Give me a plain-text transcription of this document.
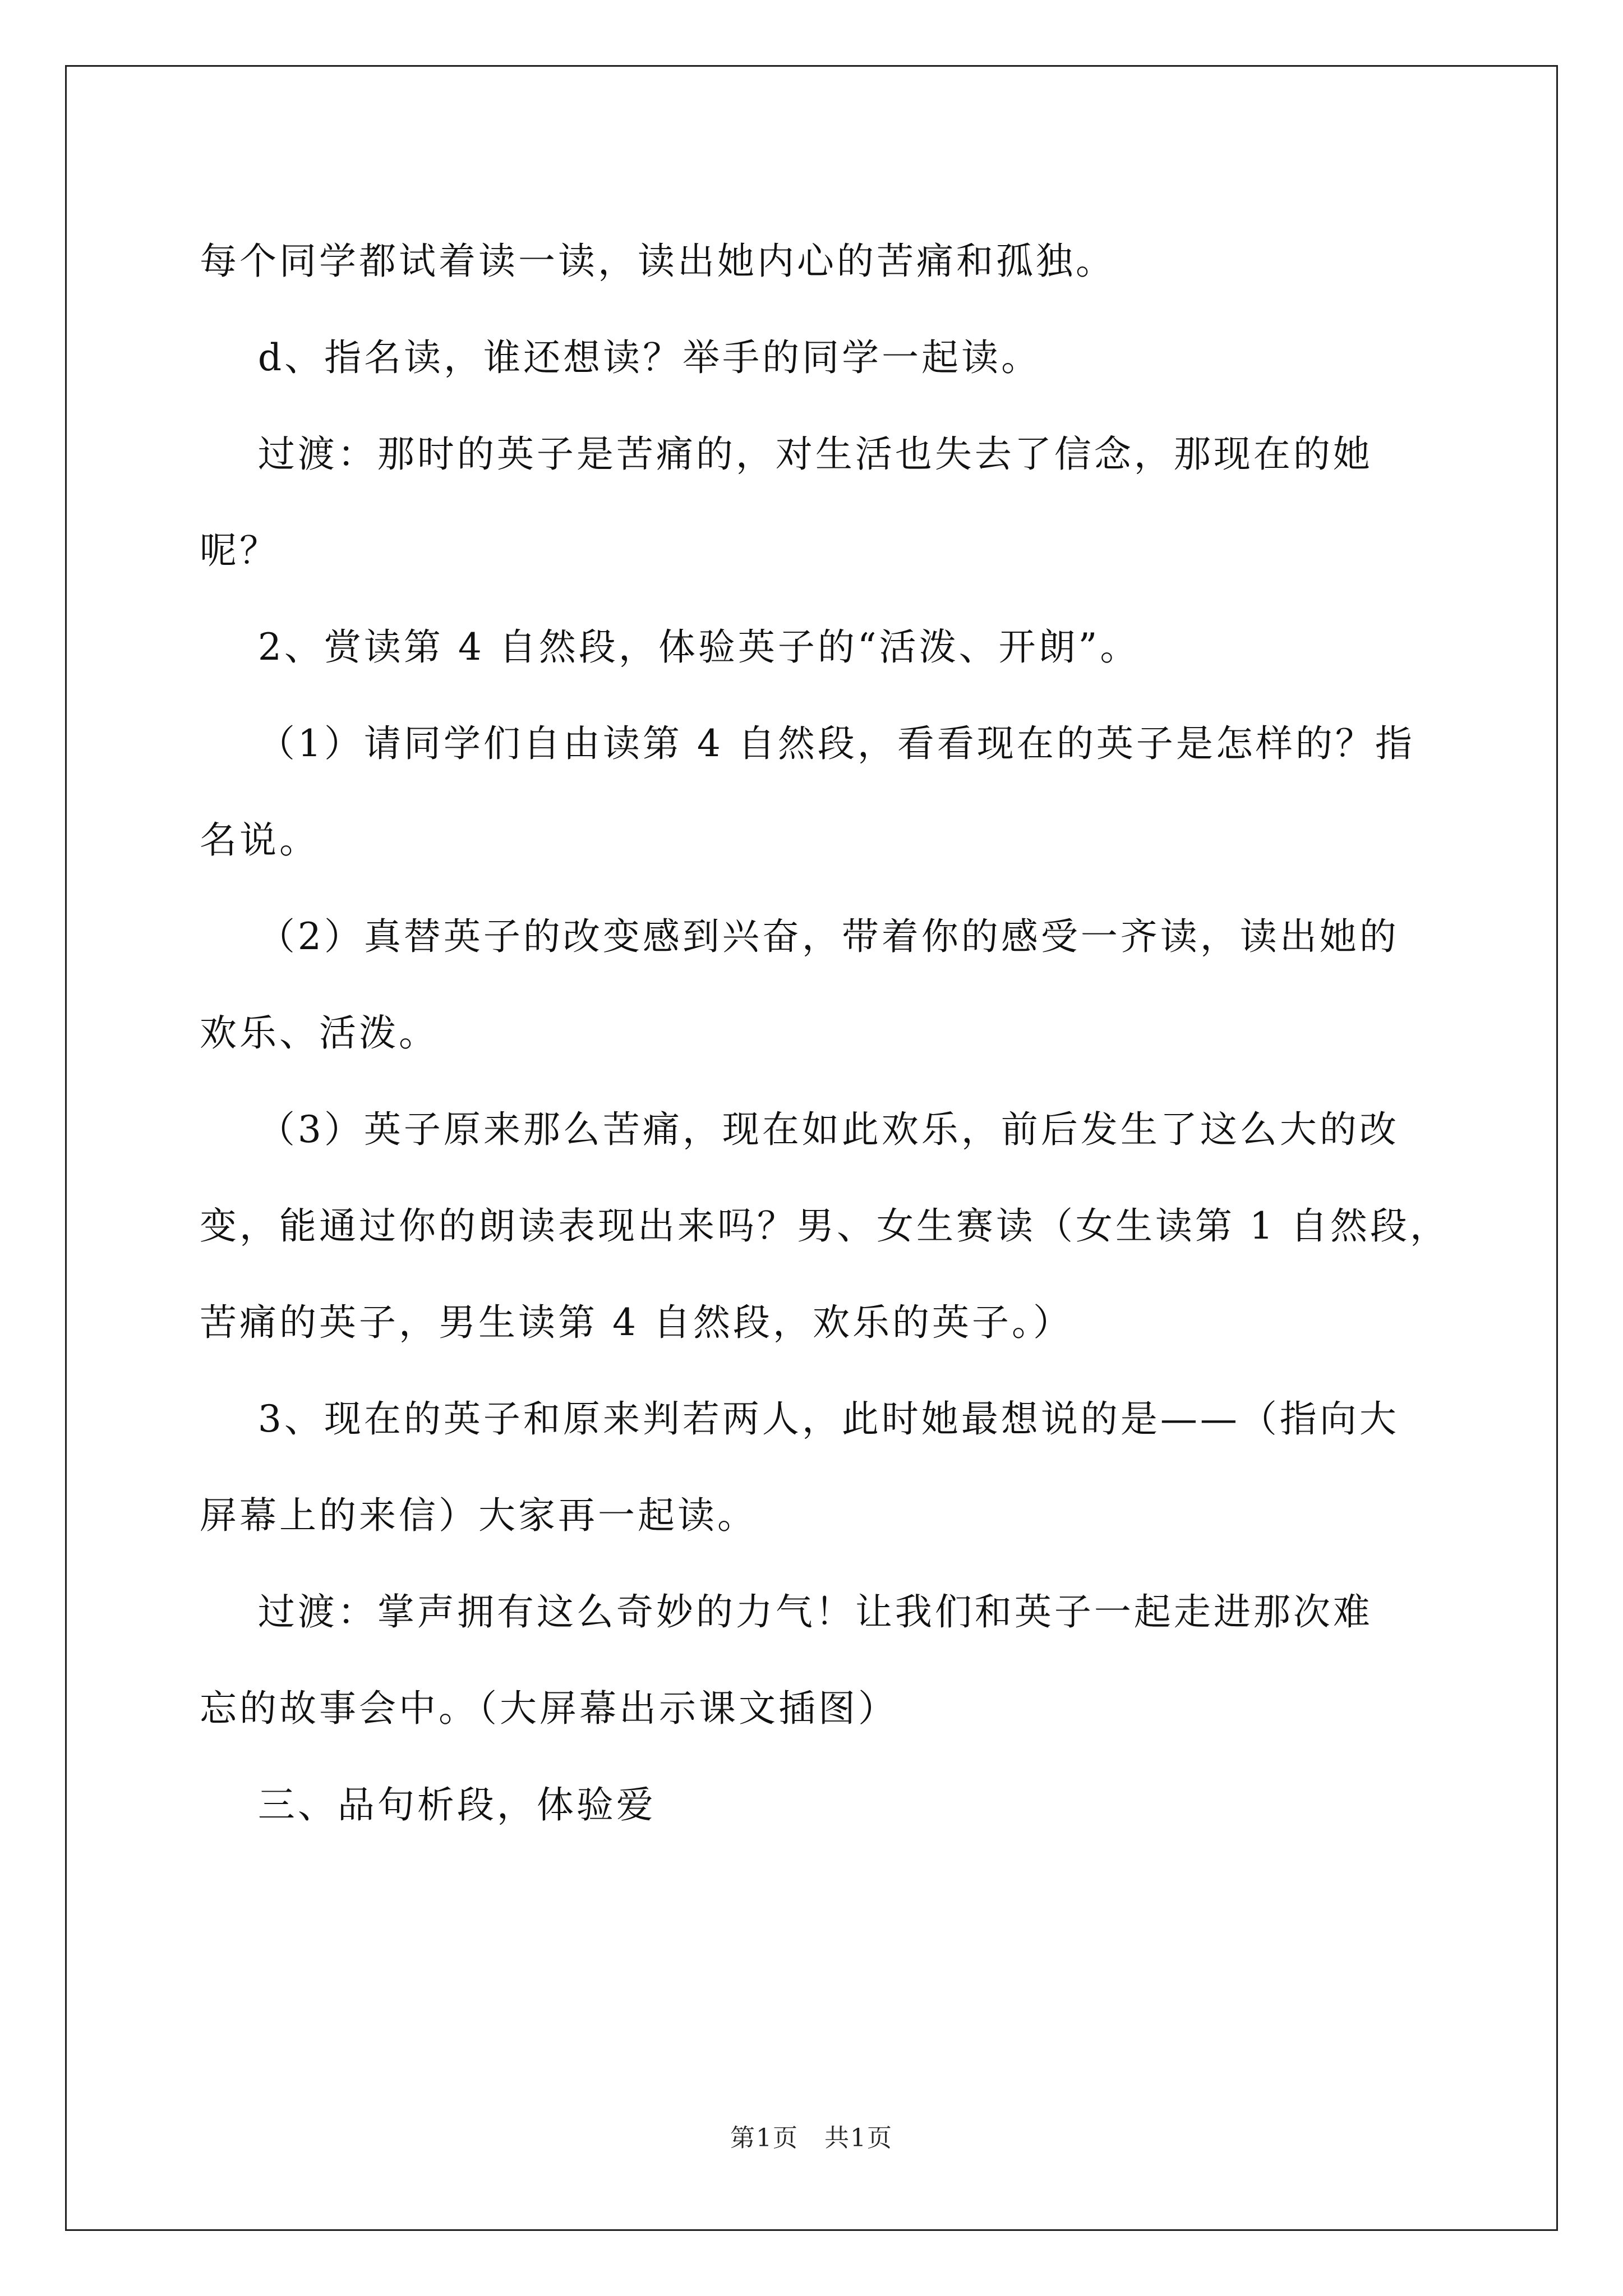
每个同学都试着读一读，读出她内心的苦痛和孤独。

d、指名读，谁还想读？举手的同学一起读。

过渡：那时的英子是苦痛的，对生活也失去了信念，那现在的她

呢？

2、赏读第 4 自然段，体验英子的“活泼、开朗”。

（1）请同学们自由读第 4 自然段，看看现在的英子是怎样的？指

名说。

（2）真替英子的改变感到兴奋，带着你的感受一齐读，读出她的

欢乐、活泼。

（3）英子原来那么苦痛，现在如此欢乐，前后发生了这么大的改

变，能通过你的朗读表现出来吗？男、女生赛读（女生读第 1 自然段，

苦痛的英子，男生读第 4 自然段，欢乐的英子。）

3、现在的英子和原来判若两人，此时她最想说的是——（指向大

屏幕上的来信）大家再一起读。

过渡：掌声拥有这么奇妙的力气！让我们和英子一起走进那次难

忘的故事会中。（大屏幕出示课文插图）

三、品句析段，体验爱

第1页　共1页
